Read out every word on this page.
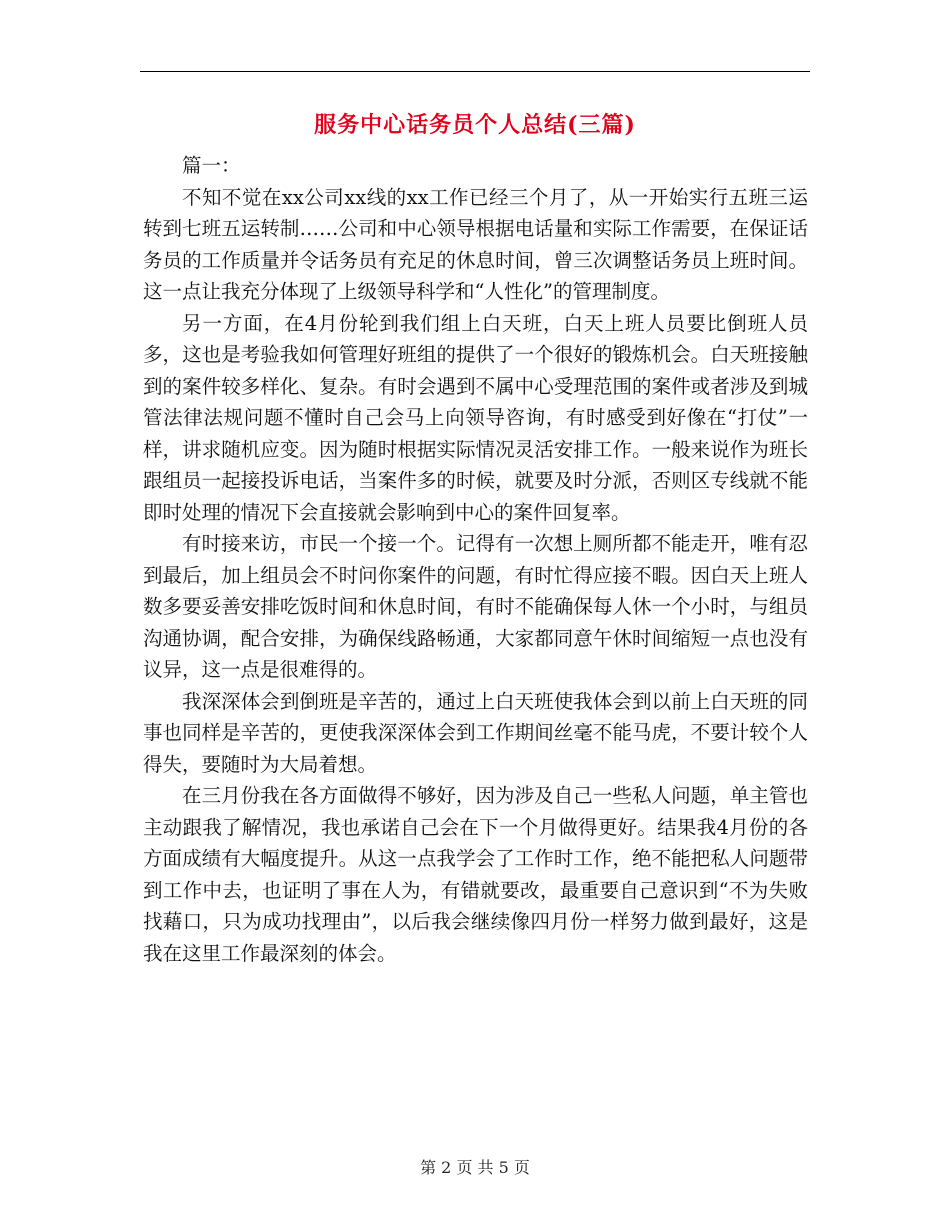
服务中心话务员个人总结(三篇)

篇一：

不知不觉在xx公司xx线的xx工作已经三个月了，从一开始实行五班三运转到七班五运转制……公司和中心领导根据电话量和实际工作需要，在保证话务员的工作质量并令话务员有充足的休息时间，曾三次调整话务员上班时间。这一点让我充分体现了上级领导科学和“人性化”的管理制度。

另一方面，在4月份轮到我们组上白天班，白天上班人员要比倒班人员多，这也是考验我如何管理好班组的提供了一个很好的锻炼机会。白天班接触到的案件较多样化、复杂。有时会遇到不属中心受理范围的案件或者涉及到城管法律法规问题不懂时自己会马上向领导咨询，有时感受到好像在“打仗”一样，讲求随机应变。因为随时根据实际情况灵活安排工作。一般来说作为班长跟组员一起接投诉电话，当案件多的时候，就要及时分派，否则区专线就不能即时处理的情况下会直接就会影响到中心的案件回复率。

有时接来访，市民一个接一个。记得有一次想上厕所都不能走开，唯有忍到最后，加上组员会不时问你案件的问题，有时忙得应接不暇。因白天上班人数多要妥善安排吃饭时间和休息时间，有时不能确保每人休一个小时，与组员沟通协调，配合安排，为确保线路畅通，大家都同意午休时间缩短一点也没有议异，这一点是很难得的。

我深深体会到倒班是辛苦的，通过上白天班使我体会到以前上白天班的同事也同样是辛苦的，更使我深深体会到工作期间丝毫不能马虎，不要计较个人得失，要随时为大局着想。

在三月份我在各方面做得不够好，因为涉及自己一些私人问题，单主管也主动跟我了解情况，我也承诺自己会在下一个月做得更好。结果我4月份的各方面成绩有大幅度提升。从这一点我学会了工作时工作，绝不能把私人问题带到工作中去，也证明了事在人为，有错就要改，最重要自己意识到“不为失败找藉口，只为成功找理由”，以后我会继续像四月份一样努力做到最好，这是我在这里工作最深刻的体会。

第 2 页 共 5 页
